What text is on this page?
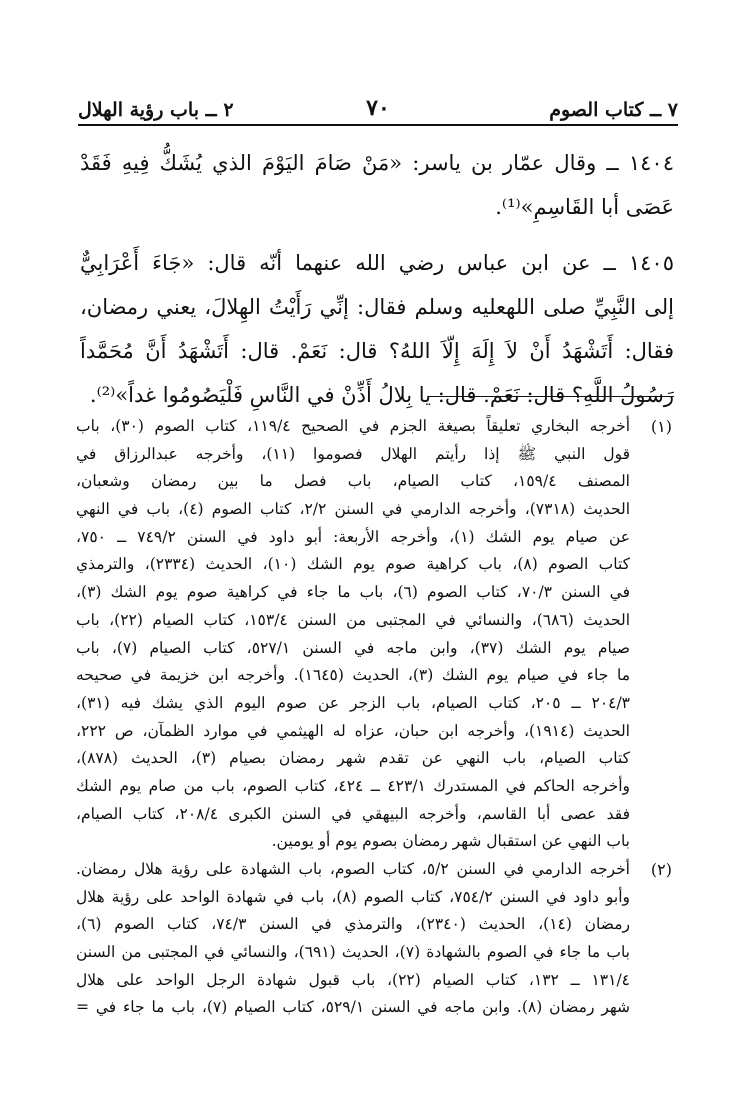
٧ ــ كتاب الصوم
٧٠
٢ ــ باب رؤية الهلال
١٤٠٤ ــ وقال عمّار بن ياسر: «مَنْ صَامَ اليَوْمَ الذي يُشَكُّ فِيهِ فَقَدْ
عَصَى أبا القَاسِمِ»⁽¹⁾.
١٤٠٥ ــ عن ابن عباس رضي الله عنهما أنّه قال: «جَاءَ أَعْرَابِيٌّ
إلى النَّبِيِّ صلى اللهعليه وسلم فقال: إنِّي رَأَيْتُ الهِلالَ، يعني رمضان،
فقال: أَتَشْهَدُ أَنْ لاَ إِلَهَ إِلّاَ اللهُ؟ قال: نَعَمْ. قال: أَتَشْهَدُ أَنَّ مُحَمَّداً
رَسُولُ اللَّهِ؟ قال: نَعَمْ. قال: يا بِلالُ أَذِّنْ في النَّاسِ فَلْيَصُومُوا غداً»⁽²⁾.
(١)
أخرجه البخاري تعليقاً بصيغة الجزم في الصحيح ١١٩/٤، كتاب الصوم (٣٠)، باب
قول النبي ﷺ إذا رأيتم الهلال فصوموا (١١)، وأخرجه عبدالرزاق في
المصنف ١٥٩/٤، كتاب الصيام، باب فصل ما بين رمضان وشعبان،
الحديث (٧٣١٨)، وأخرجه الدارمي في السنن ٢/٢، كتاب الصوم (٤)، باب في النهي
عن صيام يوم الشك (١)، وأخرجه الأربعة: أبو داود في السنن ٧٤٩/٢ ــ ٧٥٠،
كتاب الصوم (٨)، باب كراهية صوم يوم الشك (١٠)، الحديث (٢٣٣٤)، والترمذي
في السنن ٧٠/٣، كتاب الصوم (٦)، باب ما جاء في كراهية صوم يوم الشك (٣)،
الحديث (٦٨٦)، والنسائي في المجتبى من السنن ١٥٣/٤، كتاب الصيام (٢٢)، باب
صيام يوم الشك (٣٧)، وابن ماجه في السنن ٥٢٧/١، كتاب الصيام (٧)، باب
ما جاء في صيام يوم الشك (٣)، الحديث (١٦٤٥). وأخرجه ابن خزيمة في صحيحه
٢٠٤/٣ ــ ٢٠٥، كتاب الصيام، باب الزجر عن صوم اليوم الذي يشك فيه (٣١)،
الحديث (١٩١٤)، وأخرجه ابن حبان، عزاه له الهيثمي في موارد الظمآن، ص ٢٢٢،
كتاب الصيام، باب النهي عن تقدم شهر رمضان بصيام (٣)، الحديث (٨٧٨)،
وأخرجه الحاكم في المستدرك ٤٢٣/١ ــ ٤٢٤، كتاب الصوم، باب من صام يوم الشك
فقد عصى أبا القاسم، وأخرجه البيهقي في السنن الكبرى ٢٠٨/٤، كتاب الصيام،
باب النهي عن استقبال شهر رمضان بصوم يوم أو يومين.
(٢)
أخرجه الدارمي في السنن ٥/٢، كتاب الصوم، باب الشهادة على رؤية هلال رمضان.
وأبو داود في السنن ٧٥٤/٢، كتاب الصوم (٨)، باب في شهادة الواحد على رؤية هلال
رمضان (١٤)، الحديث (٢٣٤٠)، والترمذي في السنن ٧٤/٣، كتاب الصوم (٦)،
باب ما جاء في الصوم بالشهادة (٧)، الحديث (٦٩١)، والنسائي في المجتبى من السنن
١٣١/٤ ــ ١٣٢، كتاب الصيام (٢٢)، باب قبول شهادة الرجل الواحد على هلال
شهر رمضان (٨). وابن ماجه في السنن ٥٢٩/١، كتاب الصيام (٧)، باب ما جاء في =
